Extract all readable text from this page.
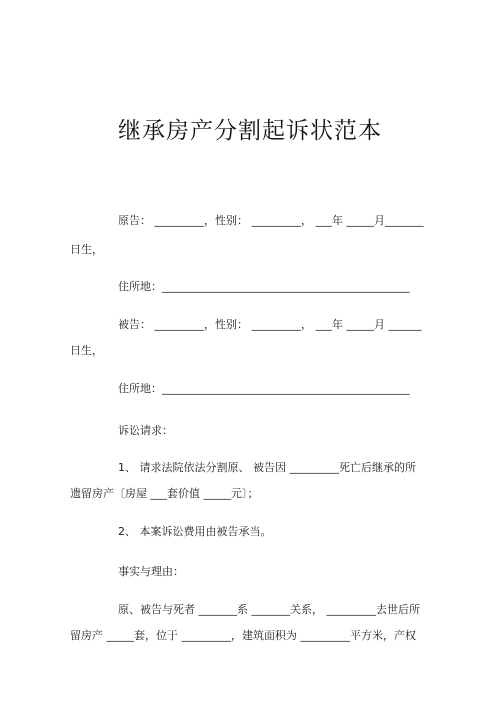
继承房产分割起诉状范本
原告： _________，性别： _________， ___年 _____月_______
日生，
住所地：_____________________________________________
被告： _________，性别： _________， ___年 _____月 ______
日生，
住所地：_____________________________________________
诉讼请求：
1、 请求法院依法分割原、 被告因 _________死亡后继承的所
遗留房产〔房屋 ___套价值 _____元〕；
2、 本案诉讼费用由被告承当。
事实与理由：
原、被告与死者 _______系 _______关系， _________去世后所
留房产 _____套，位于 _________，建筑面积为 _________平方米，产权
